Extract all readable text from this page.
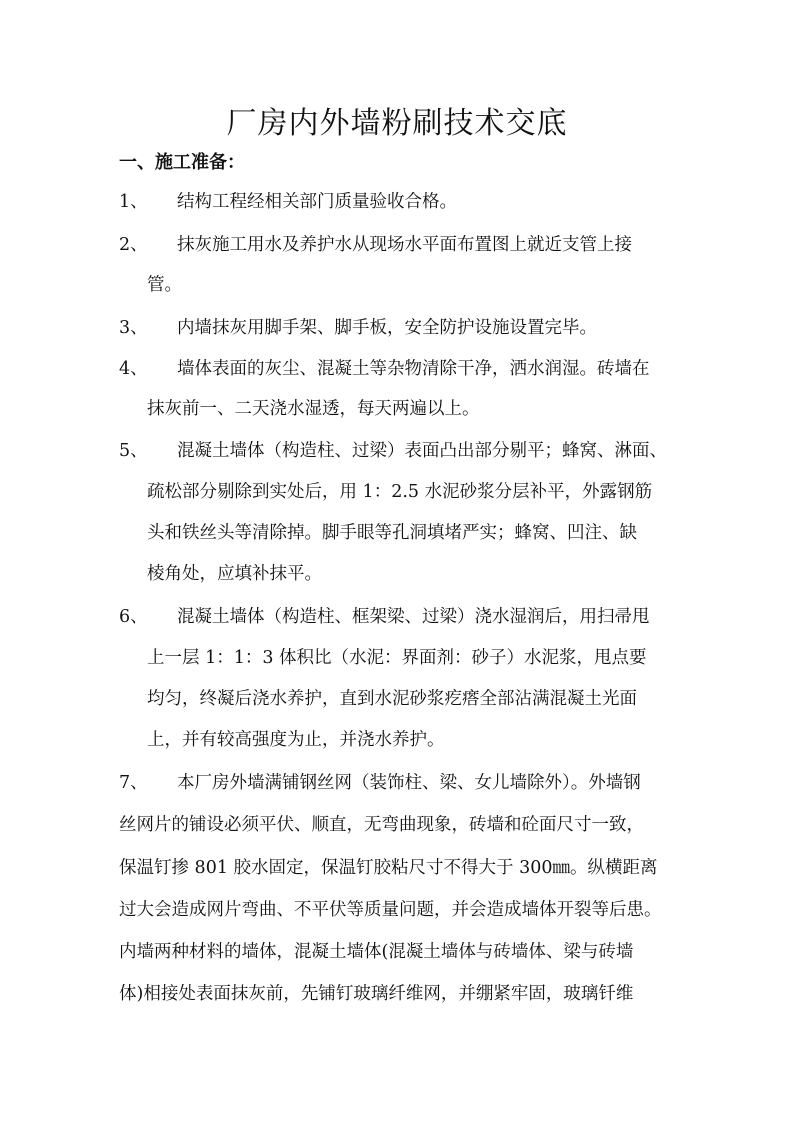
厂房内外墙粉刷技术交底
一、施工准备：
1、 结构工程经相关部门质量验收合格。
2、 抹灰施工用水及养护水从现场水平面布置图上就近支管上接
管。
3、 内墙抹灰用脚手架、脚手板，安全防护设施设置完毕。
4、 墙体表面的灰尘、混凝土等杂物清除干净，洒水润湿。砖墙在
抹灰前一、二天浇水湿透，每天两遍以上。
5、 混凝土墙体（构造柱、过梁）表面凸出部分剔平；蜂窝、淋面、
疏松部分剔除到实处后，用 1：2.5 水泥砂浆分层补平，外露钢筋
头和铁丝头等清除掉。脚手眼等孔洞填堵严实；蜂窝、凹注、缺
棱角处，应填补抹平。
6、 混凝土墙体（构造柱、框架梁、过梁）浇水湿润后，用扫帚甩
上一层 1：1：3 体积比（水泥：界面剂：砂子）水泥浆，甩点要
均匀，终凝后浇水养护，直到水泥砂浆疙瘩全部沾满混凝土光面
上，并有较高强度为止，并浇水养护。
7、 本厂房外墙满铺钢丝网（装饰柱、梁、女儿墙除外）。外墙钢
丝网片的铺设必须平伏、顺直，无弯曲现象，砖墙和砼面尺寸一致，
保温钉掺 801 胶水固定，保温钉胶粘尺寸不得大于 300㎜。纵横距离
过大会造成网片弯曲、不平伏等质量问题，并会造成墙体开裂等后患。
内墙两种材料的墙体，混凝土墙体(混凝土墙体与砖墙体、梁与砖墙
体)相接处表面抹灰前，先铺钉玻璃纤维网，并绷紧牢固，玻璃钎维
